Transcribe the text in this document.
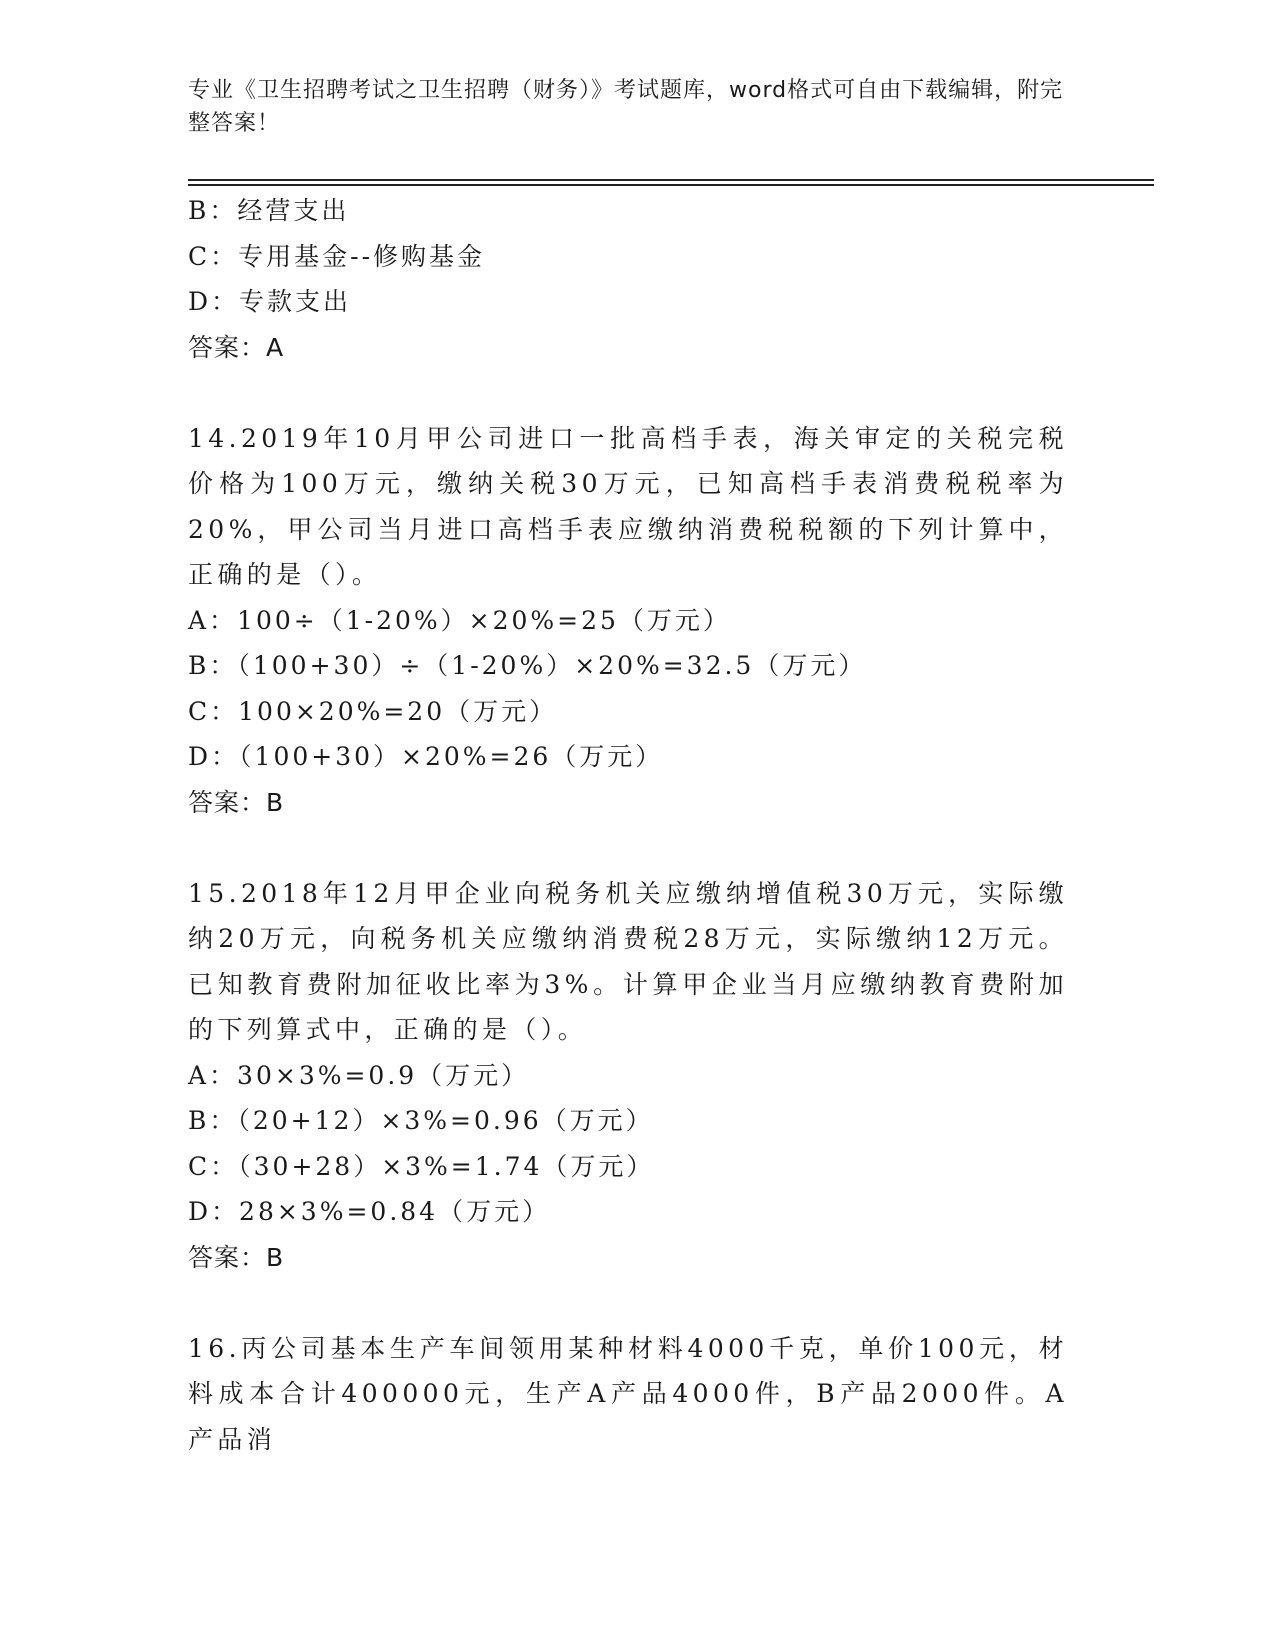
专业《卫生招聘考试之卫生招聘（财务）》考试题库，word格式可自由下载编辑，附完整答案！
B：经营支出
C：专用基金--修购基金
D：专款支出
答案：A
14.2019年10月甲公司进口一批高档手表，海关审定的关税完税价格为100万元，缴纳关税30万元，已知高档手表消费税税率为20%，甲公司当月进口高档手表应缴纳消费税税额的下列计算中，正确的是（）。
A：100÷（1-20%）×20%=25（万元）
B：（100+30）÷（1-20%）×20%=32.5（万元）
C：100×20%=20（万元）
D：（100+30）×20%=26（万元）
答案：B
15.2018年12月甲企业向税务机关应缴纳增值税30万元，实际缴纳20万元，向税务机关应缴纳消费税28万元，实际缴纳12万元。已知教育费附加征收比率为3%。计算甲企业当月应缴纳教育费附加的下列算式中，正确的是（）。
A：30×3%=0.9（万元）
B：（20+12）×3%=0.96（万元）
C：（30+28）×3%=1.74（万元）
D：28×3%=0.84（万元）
答案：B
16.丙公司基本生产车间领用某种材料4000千克，单价100元，材料成本合计400000元，生产A产品4000件，B产品2000件。A产品消
